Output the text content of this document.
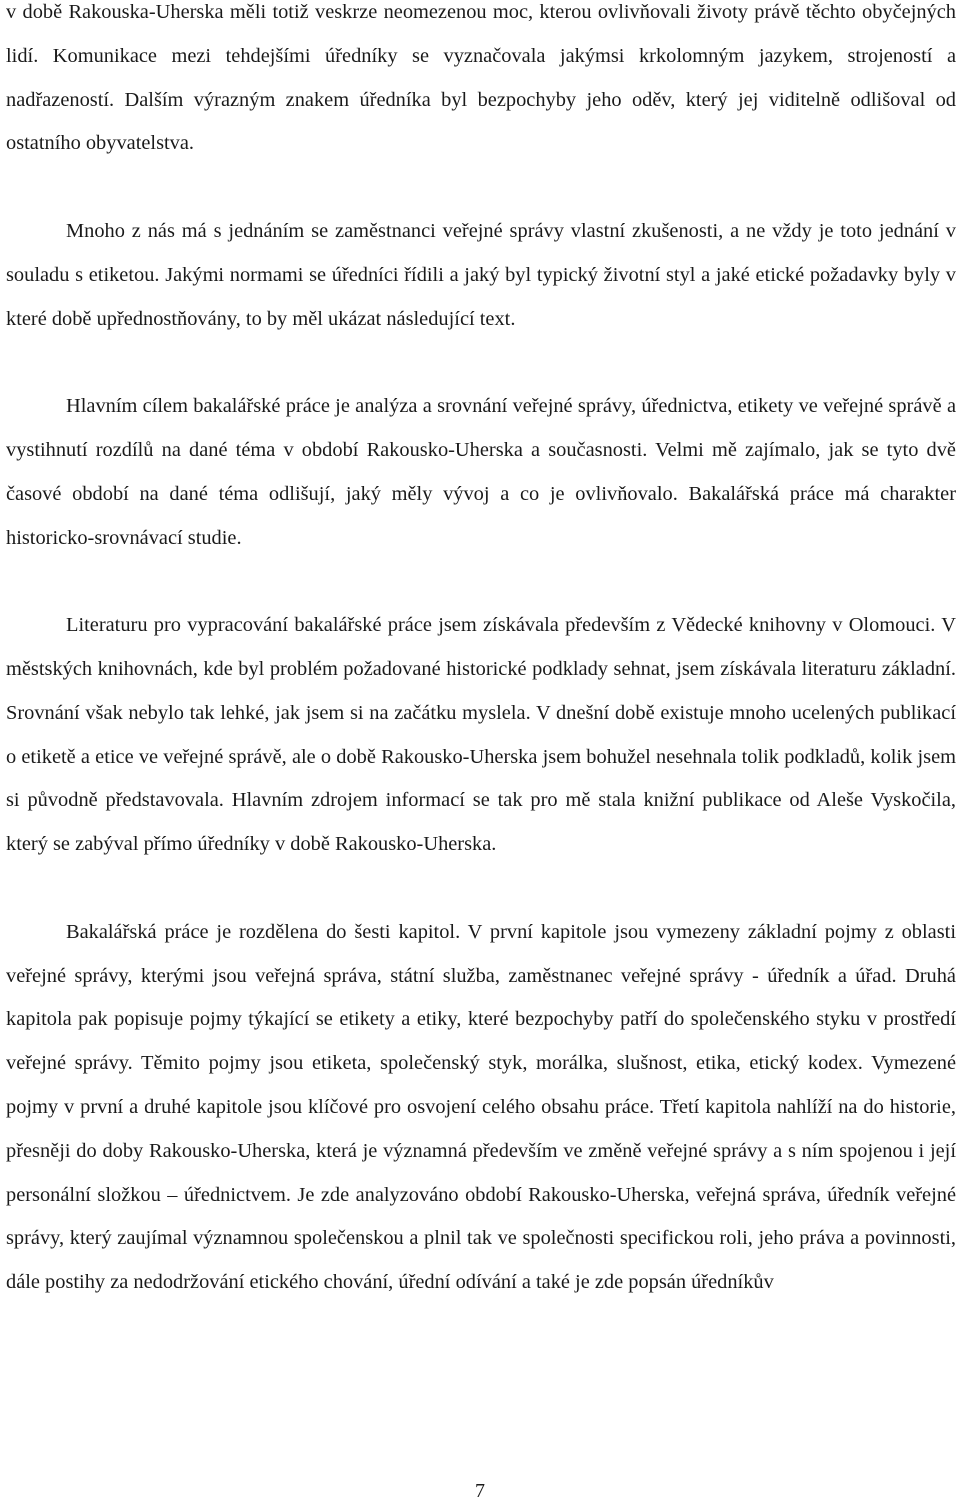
v době Rakouska-Uherska měli totiž veskrze neomezenou moc, kterou ovlivňovali životy právě těchto obyčejných lidí. Komunikace mezi tehdejšími úředníky se vyznačovala jakýmsi krkolomným jazykem, strojeností a nadřazeností. Dalším výrazným znakem úředníka byl bezpochyby jeho oděv, který jej viditelně odlišoval od ostatního obyvatelstva.

Mnoho z nás má s jednáním se zaměstnanci veřejné správy vlastní zkušenosti, a ne vždy je toto jednání v souladu s etiketou. Jakými normami se úředníci řídili a jaký byl typický životní styl a jaké etické požadavky byly v které době upřednostňovány, to by měl ukázat následující text.

Hlavním cílem bakalářské práce je analýza a srovnání veřejné správy, úřednictva, etikety ve veřejné správě a vystihnutí rozdílů na dané téma v období Rakousko-Uherska a současnosti. Velmi mě zajímalo, jak se tyto dvě časové období na dané téma odlišují, jaký měly vývoj a co je ovlivňovalo. Bakalářská práce má charakter historicko-srovnávací studie.

Literaturu pro vypracování bakalářské práce jsem získávala především z Vědecké knihovny v Olomouci. V městských knihovnách, kde byl problém požadované historické podklady sehnat, jsem získávala literaturu základní. Srovnání však nebylo tak lehké, jak jsem si na začátku myslela. V dnešní době existuje mnoho ucelených publikací o etiketě a etice ve veřejné správě, ale o době Rakousko-Uherska jsem bohužel nesehnala tolik podkladů, kolik jsem si původně představovala. Hlavním zdrojem informací se tak pro mě stala knižní publikace od Aleše Vyskočila, který se zabýval přímo úředníky v době Rakousko-Uherska.

Bakalářská práce je rozdělena do šesti kapitol. V první kapitole jsou vymezeny základní pojmy z oblasti veřejné správy, kterými jsou veřejná správa, státní služba, zaměstnanec veřejné správy - úředník a úřad. Druhá kapitola pak popisuje pojmy týkající se etikety a etiky, které bezpochyby patří do společenského styku v prostředí veřejné správy. Těmito pojmy jsou etiketa, společenský styk, morálka, slušnost, etika, etický kodex. Vymezené pojmy v první a druhé kapitole jsou klíčové pro osvojení celého obsahu práce. Třetí kapitola nahlíží na do historie, přesněji do doby Rakousko-Uherska, která je významná především ve změně veřejné správy a s ním spojenou i její personální složkou – úřednictvem. Je zde analyzováno období Rakousko-Uherska, veřejná správa, úředník veřejné správy, který zaujímal významnou společenskou a plnil tak ve společnosti specifickou roli, jeho práva a povinnosti, dále postihy za nedodržování etického chování, úřední odívání a také je zde popsán úředníkův

7
